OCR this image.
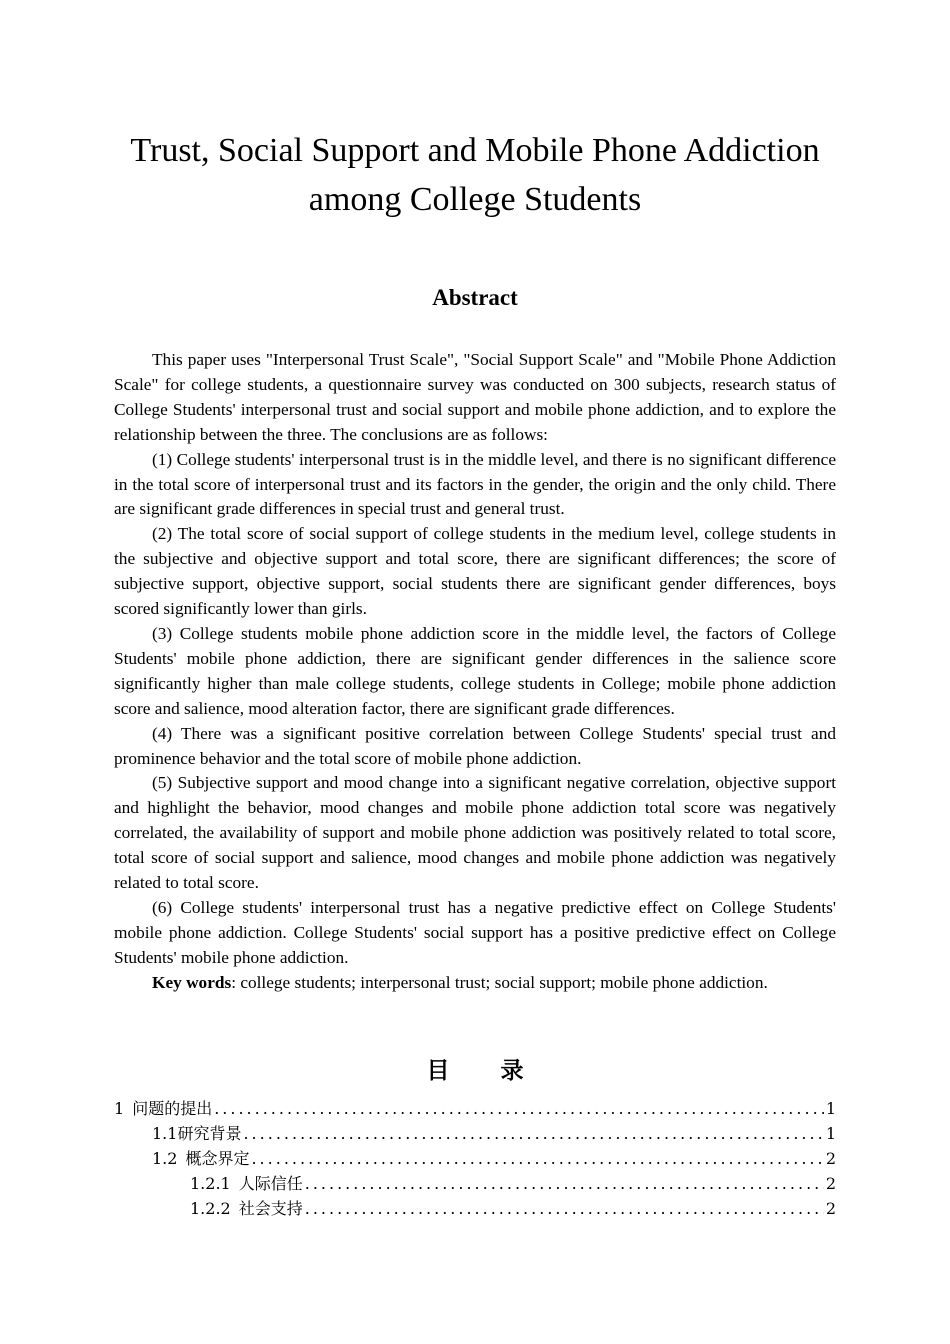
Trust, Social Support and Mobile Phone Addiction
among College Students
Abstract

This paper uses "Interpersonal Trust Scale", "Social Support Scale" and "Mobile Phone Addiction Scale" for college students, a questionnaire survey was conducted on 300 subjects, research status of College Students' interpersonal trust and social support and mobile phone addiction, and to explore the relationship between the three. The conclusions are as follows:

(1) College students' interpersonal trust is in the middle level, and there is no significant difference in the total score of interpersonal trust and its factors in the gender, the origin and the only child. There are significant grade differences in special trust and general trust.

(2) The total score of social support of college students in the medium level, college students in the subjective and objective support and total score, there are significant differences; the score of subjective support, objective support, social students there are significant gender differences, boys scored significantly lower than girls.

(3) College students mobile phone addiction score in the middle level, the factors of College Students' mobile phone addiction, there are significant gender differences in the salience score significantly higher than male college students, college students in College; mobile phone addiction score and salience, mood alteration factor, there are significant grade differences.

(4) There was a significant positive correlation between College Students' special trust and prominence behavior and the total score of mobile phone addiction.

(5) Subjective support and mood change into a significant negative correlation, objective support and highlight the behavior, mood changes and mobile phone addiction total score was negatively correlated, the availability of support and mobile phone addiction was positively related to total score, total score of social support and salience, mood changes and mobile phone addiction was negatively related to total score.

(6) College students' interpersonal trust has a negative predictive effect on College Students' mobile phone addiction. College Students' social support has a positive predictive effect on College Students' mobile phone addiction.

Key words: college students; interpersonal trust; social support; mobile phone addiction.

目 录
1 问题的提出 .....	1
1.1 研究背景 .....	1
1.2 概念界定 .....	2
1.2.1 人际信任 .....	2
1.2.2 社会支持 .....	2
